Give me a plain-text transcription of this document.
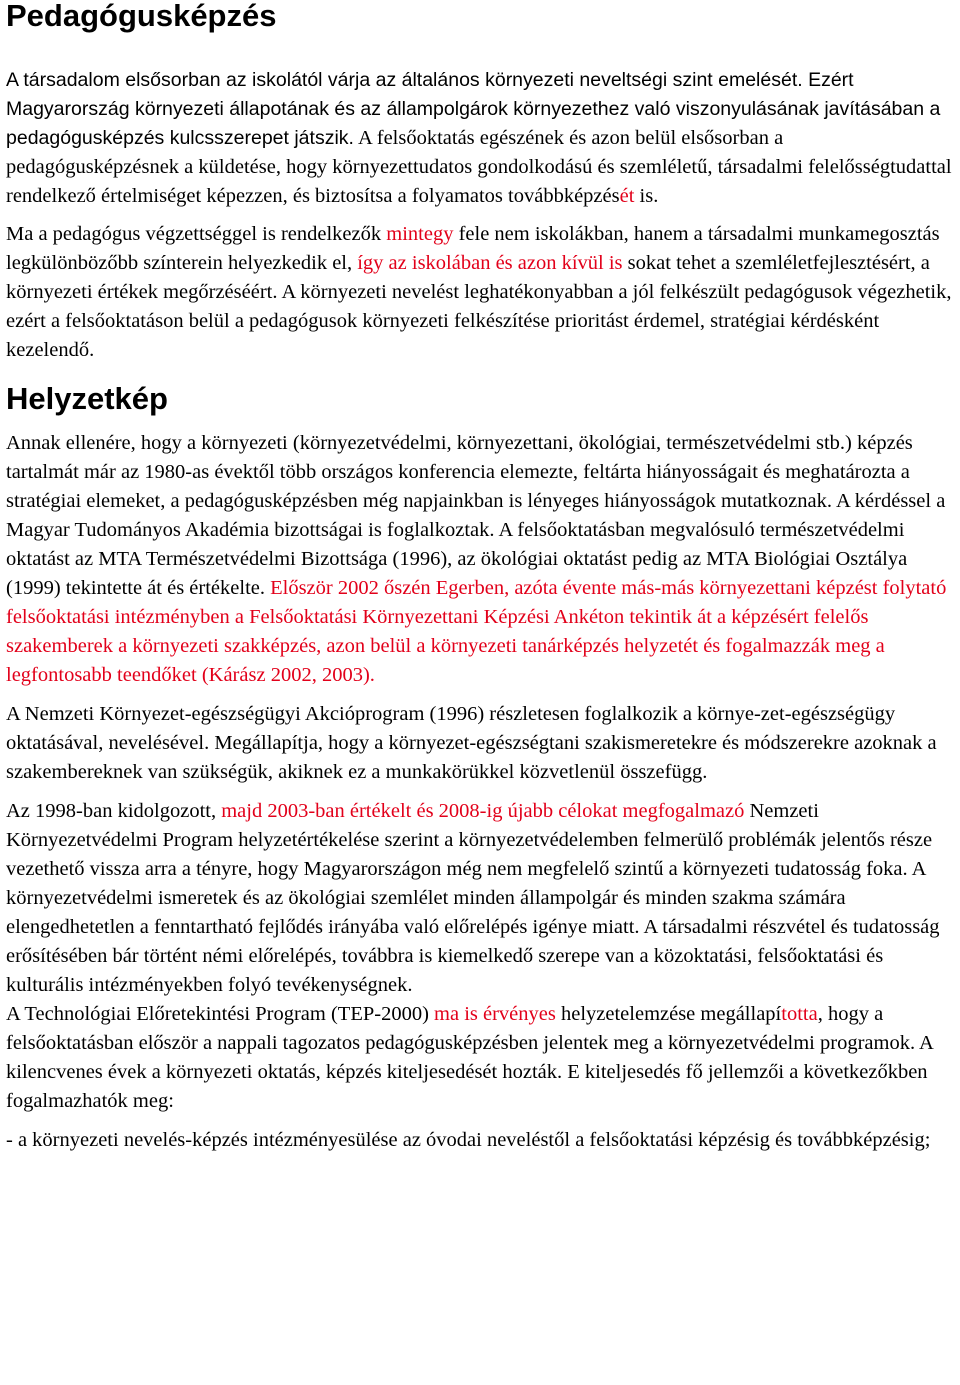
Pedagógusképzés

A társadalom elsősorban az iskolától várja az általános környezeti neveltségi szint emelését. Ezért Magyarország környezeti állapotának és az állampolgárok környezethez való viszonyulásának javításában a pedagógusképzés kulcsszerepet játszik. A felsőoktatás egészének és azon belül elsősorban a pedagógusképzésnek a küldetése, hogy környezettudatos gondolkodású és szemléletű, társadalmi felelősségtudattal rendelkező értelmiséget képezzen, és biztosítsa a folyamatos továbbképzését is.

Ma a pedagógus végzettséggel is rendelkezők mintegy fele nem iskolákban, hanem a társadalmi munkamegosztás legkülönbözőbb színterein helyezkedik el, így az iskolában és azon kívül is sokat tehet a szemléletfejlesztésért, a környezeti értékek megőrzéséért. A környezeti nevelést leghatékonyabban a jól felkészült pedagógusok végezhetik, ezért a felsőoktatáson belül a pedagógusok környezeti felkészítése prioritást érdemel, stratégiai kérdésként kezelendő.

Helyzetkép

Annak ellenére, hogy a környezeti (környezetvédelmi, környezettani, ökológiai, természetvédelmi stb.) képzés tartalmát már az 1980-as évektől több országos konferencia elemezte, feltárta hiányosságait és meghatározta a stratégiai elemeket, a pedagógusképzésben még napjainkban is lényeges hiányosságok mutatkoznak. A kérdéssel a Magyar Tudományos Akadémia bizottságai is foglalkoztak. A felsőoktatásban megvalósuló természetvédelmi oktatást az MTA Természetvédelmi Bizottsága (1996), az ökológiai oktatást pedig az MTA Biológiai Osztálya (1999) tekintette át és értékelte. Először 2002 őszén Egerben, azóta évente más-más környezettani képzést folytató felsőoktatási intézményben a Felsőoktatási Környezettani Képzési Ankéton tekintik át a képzésért felelős szakemberek a környezeti szakképzés, azon belül a környezeti tanárképzés helyzetét és fogalmazzák meg a legfontosabb teendőket (Kárász 2002, 2003).

A Nemzeti Környezet-egészségügyi Akcióprogram (1996) részletesen foglalkozik a környe-zet-egészségügy oktatásával, nevelésével. Megállapítja, hogy a környezet-egészségtani szakismeretekre és módszerekre azoknak a szakembereknek van szükségük, akiknek ez a munkakörükkel közvetlenül összefügg.

Az 1998-ban kidolgozott, majd 2003-ban értékelt és 2008-ig újabb célokat megfogalmazó Nemzeti Környezetvédelmi Program helyzetértékelése szerint a környezetvédelemben felmerülő problémák jelentős része vezethető vissza arra a tényre, hogy Magyarországon még nem megfelelő szintű a környezeti tudatosság foka. A környezetvédelmi ismeretek és az ökológiai szemlélet minden állampolgár és minden szakma számára elengedhetetlen a fenntartható fejlődés irányába való előrelépés igénye miatt. A társadalmi részvétel és tudatosság erősítésében bár történt némi előrelépés, továbbra is kiemelkedő szerepe van a közoktatási, felsőoktatási és kulturális intézményekben folyó tevékenységnek.

A Technológiai Előretekintési Program (TEP-2000) ma is érvényes helyzetelemzése megállapította, hogy a felsőoktatásban először a nappali tagozatos pedagógusképzésben jelentek meg a környezetvédelmi programok. A kilencvenes évek a környezeti oktatás, képzés kiteljesedését hozták. E kiteljesedés fő jellemzői a következőkben fogalmazhatók meg:

- a környezeti nevelés-képzés intézményesülése az óvodai neveléstől a felsőoktatási képzésig és továbbképzésig;
